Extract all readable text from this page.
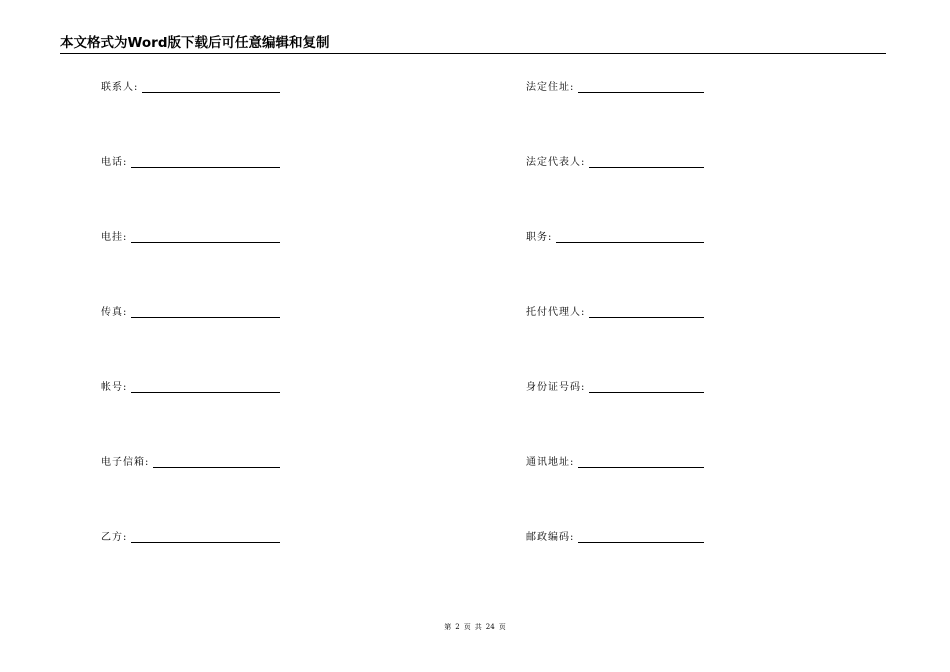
本文格式为Word版下载后可任意编辑和复制
联系人:
电话:
电挂:
传真:
帐号:
电子信箱:
乙方:
法定住址:
法定代表人:
职务:
托付代理人:
身份证号码:
通讯地址:
邮政编码:
第 2 页 共 24 页
